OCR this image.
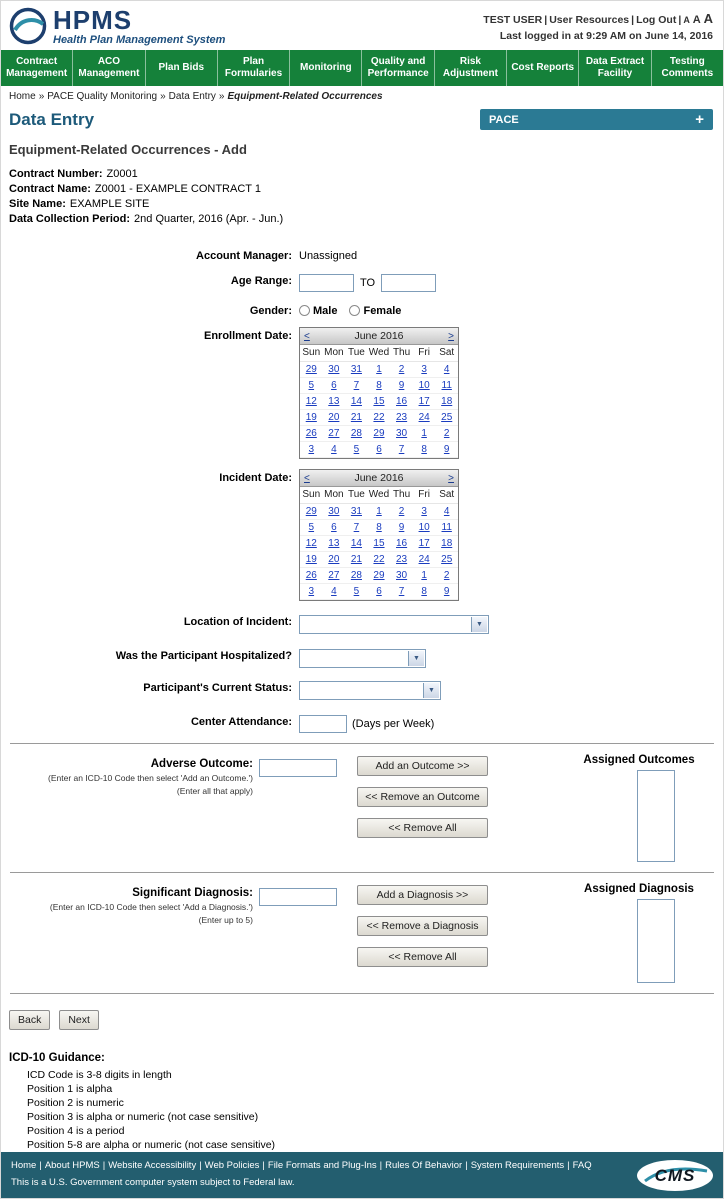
HPMS
Health Plan Management System
TEST USER | User Resources | Log Out | A A A
Last logged in at 9:29 AM on June 14, 2016
Contract Management
ACO Management
Plan Bids
Plan Formularies
Monitoring
Quality and Performance
Risk Adjustment
Cost Reports
Data Extract Facility
Testing Comments
Home » PACE Quality Monitoring » Data Entry » Equipment-Related Occurrences
Data Entry	PACE	+
Equipment-Related Occurrences - Add
Contract Number: Z0001
Contract Name: Z0001 - EXAMPLE CONTRACT 1
Site Name: EXAMPLE SITE
Data Collection Period: 2nd Quarter, 2016 (Apr. - Jun.)
Account Manager: Unassigned
Age Range:	TO
Gender:	Male	Female
Enrollment Date:	<	June 2016	>
Sun Mon Tue Wed Thu Fri Sat
29	30	31	1	2	3	4
5	6	7	8	9	10	11
12	13	14	15	16	17	18
19	20	21	22	23	24	25
26	27	28	29	30	1	2
3	4	5	6	7	8	9
Incident Date:	<	June 2016	>
Sun Mon Tue Wed Thu Fri Sat
29	30	31	1	2	3	4
5	6	7	8	9	10	11
12	13	14	15	16	17	18
19	20	21	22	23	24	25
26	27	28	29	30	1	2
3	4	5	6	7	8	9
Location of Incident:	▼
Was the Participant Hospitalized?	▼
Participant's Current Status:	▼
Center Attendance:	(Days per Week)
Adverse Outcome:
(Enter an ICD-10 Code then select 'Add an Outcome.')
(Enter all that apply)
Add an Outcome >>
<< Remove an Outcome
<< Remove All
Assigned Outcomes
Significant Diagnosis:
(Enter an ICD-10 Code then select 'Add a Diagnosis.')
(Enter up to 5)
Add a Diagnosis >>
<< Remove a Diagnosis
<< Remove All
Assigned Diagnosis
Back	Next
ICD-10 Guidance:
ICD Code is 3-8 digits in length
Position 1 is alpha
Position 2 is numeric
Position 3 is alpha or numeric (not case sensitive)
Position 4 is a period
Position 5-8 are alpha or numeric (not case sensitive)
Home | About HPMS | Website Accessibility | Web Policies | File Formats and Plug-Ins | Rules Of Behavior | System Requirements | FAQ
This is a U.S. Government computer system subject to Federal law.	CMS
